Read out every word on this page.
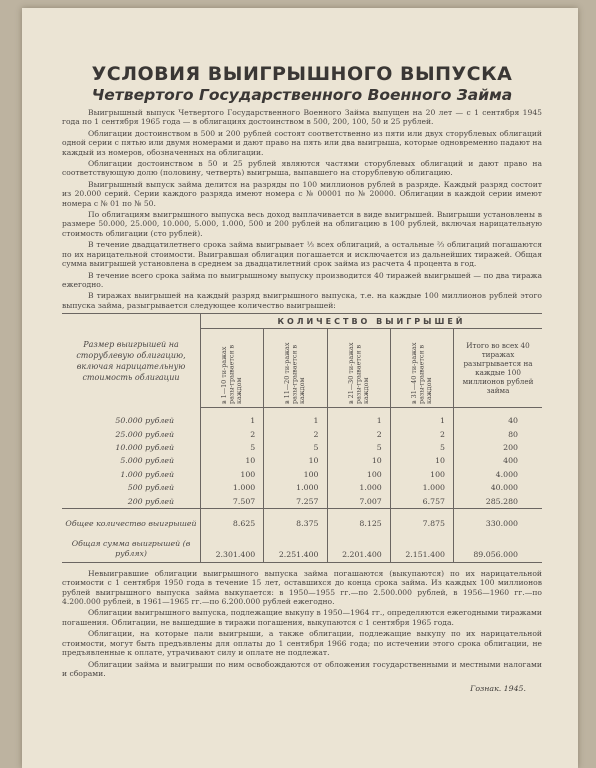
УСЛОВИЯ ВЫИГРЫШНОГО ВЫПУСКА
Четвертого Государственного Военного Займа

Выигрышный выпуск Четвертого Государственного Военного Займа выпущен на 20 лет — с 1 сентября 1945 года по 1 сентября 1965 года — в облигациях достоинством в 500, 200, 100, 50 и 25 рублей.

Облигации достоинством в 500 и 200 рублей состоят соответственно из пяти или двух сторублевых облигаций одной серии с пятью или двумя номерами и дают право на пять или два выигрыша, которые одновременно падают на каждый из номеров, обозначенных на облигации.

Облигации достоинством в 50 и 25 рублей являются частями сторублевых облигаций и дают право на соответствующую долю (половину, четверть) выигрыша, выпавшего на сторублевую облигацию.

Выигрышный выпуск займа делится на разряды по 100 миллионов рублей в разряде. Каждый разряд состоит из 20.000 серий. Серии каждого разряда имеют номера с № 00001 по № 20000. Облигации в каждой серии имеют номера с № 01 по № 50.

По облигациям выигрышного выпуска весь доход выплачивается в виде выигрышей. Выигрыши установлены в размере 50.000, 25.000, 10.000, 5.000, 1.000, 500 и 200 рублей на облигацию в 100 рублей, включая нарицательную стоимость облигации (сто рублей).

В течение двадцатилетнего срока займа выигрывает ⅓ всех облигаций, а остальные ⅔ облигаций погашаются по их нарицательной стоимости. Выигравшая облигация погашается и исключается из дальнейших тиражей. Общая сумма выигрышей установлена в среднем за двадцатилетний срок займа из расчета 4 процента в год.

В течение всего срока займа по выигрышному выпуску производится 40 тиражей выигрышей — по два тиража ежегодно.

В тиражах выигрышей на каждый разряд выигрышного выпуска, т.е. на каждые 100 миллионов рублей этого выпуска займа, разыгрывается следующее количество выигрышей:

Размер выигрышей на сторублевую облигацию, включая нарицательную стоимость облигации	КОЛИЧЕСТВО ВЫИГРЫШЕЙ				
	в 1—10 ти-ражах разы-грывается в каждом	в 11—20 ти-ражах разы-грывается в каждом	в 21—30 ти-ражах разы-грывается в каждом	в 31—40 ти-ражах разы-грывается в каждом	Итого во всех 40 тиражах разыгрывается на каждые 100 миллионов рублей займа
50.000 рублей	1	1	1	1	40
25.000 рублей	2	2	2	2	80
10.000 рублей	5	5	5	5	200
5.000 рублей	10	10	10	10	400
1.000 рублей	100	100	100	100	4.000
500 рублей	1.000	1.000	1.000	1.000	40.000
200 рублей	7.507	7.257	7.007	6.757	285.280
Общее количество выигрышей	8.625	8.375	8.125	7.875	330.000
Общая сумма выигрышей (в рублях)	2.301.400	2.251.400	2.201.400	2.151.400	89.056.000

Невыигравшие облигации выигрышного выпуска займа погашаются (выкупаются) по их нарицательной стоимости с 1 сентября 1950 года в течение 15 лет, оставшихся до конца срока займа. Из каждых 100 миллионов рублей выигрышного выпуска займа выкупается: в 1950—1955 гг.—по 2.500.000 рублей, в 1956—1960 гг.—по 4.200.000 рублей, в 1961—1965 гг.—по 6.200.000 рублей ежегодно.

Облигации выигрышного выпуска, подлежащие выкупу в 1950—1964 гг., определяются ежегодными тиражами погашения. Облигации, не вышедшие в тиражи погашения, выкупаются с 1 сентября 1965 года.

Облигации, на которые пали выигрыши, а также облигации, подлежащие выкупу по их нарицательной стоимости, могут быть предъявлены для оплаты до 1 сентября 1966 года; по истечении этого срока облигации, не предъявленные к оплате, утрачивают силу и оплате не подлежат.

Облигации займа и выигрыши по ним освобождаются от обложения государственными и местными налогами и сборами.

Гознак. 1945.
